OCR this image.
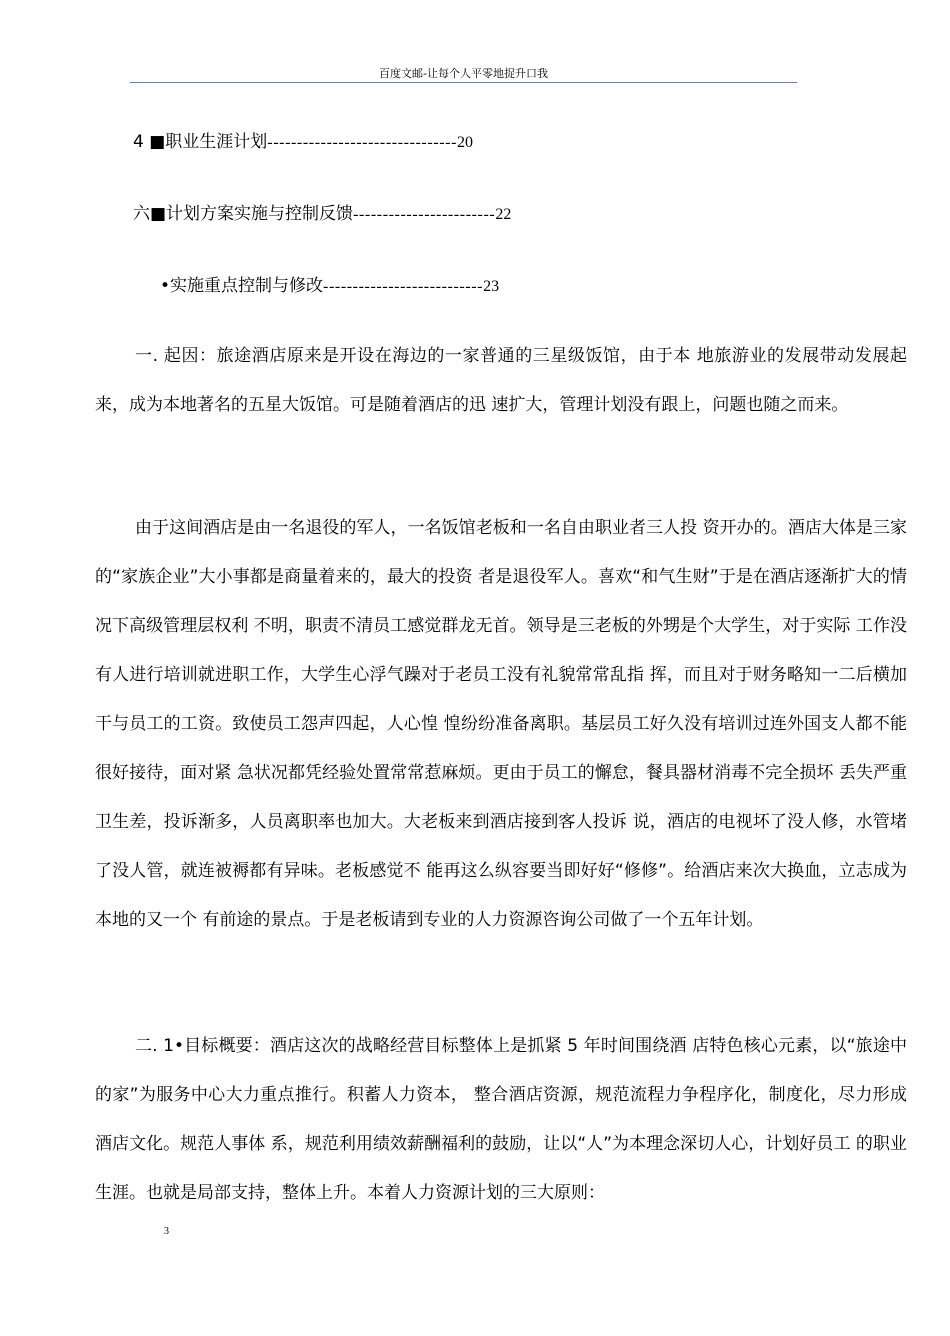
百度文邮-让每个人平零地捉升口我
4 ■职业生涯计划--------------------------------20
六■计划方案实施与控制反馈------------------------22
•实施重点控制与修改---------------------------23
一. 起因：旅途酒店原来是开设在海边的一家普通的三星级饭馆，由于本 地旅游业的发展带动发展起来，成为本地著名的五星大饭馆。可是随着酒店的迅 速扩大，管理计划没有跟上，问题也随之而来。
由于这间酒店是由一名退役的军人，一名饭馆老板和一名自由职业者三人投 资开办的。酒店大体是三家的“家族企业”大小事都是商量着来的，最大的投资 者是退役军人。喜欢“和气生财”于是在酒店逐渐扩大的情况下高级管理层权利 不明，职责不清员工感觉群龙无首。领导是三老板的外甥是个大学生，对于实际 工作没有人进行培训就进职工作，大学生心浮气躁对于老员工没有礼貌常常乱指 挥，而且对于财务略知一二后横加干与员工的工资。致使员工怨声四起，人心惶 惶纷纷准备离职。基层员工好久没有培训过连外国支人都不能很好接待，面对紧 急状况都凭经验处置常常惹麻烦。更由于员工的懈怠，餐具器材消毒不完全损坏 丢失严重卫生差，投诉渐多，人员离职率也加大。大老板来到酒店接到客人投诉 说，酒店的电视坏了没人修，水管堵了没人管，就连被褥都有异味。老板感觉不 能再这么纵容要当即好好“修修”。给酒店来次大换血，立志成为本地的又一个 有前途的景点。于是老板请到专业的人力资源咨询公司做了一个五年计划。
二. 1•目标概要：酒店这次的战略经营目标整体上是抓紧 5 年时间围绕酒 店特色核心元素，以“旅途中的家”为服务中心大力重点推行。积蓄人力资本， 整合酒店资源，规范流程力争程序化，制度化，尽力形成酒店文化。规范人事体 系，规范利用绩效薪酬福利的鼓励，让以“人”为本理念深切人心，计划好员工 的职业生涯。也就是局部支持，整体上升。本着人力资源计划的三大原则：
3
